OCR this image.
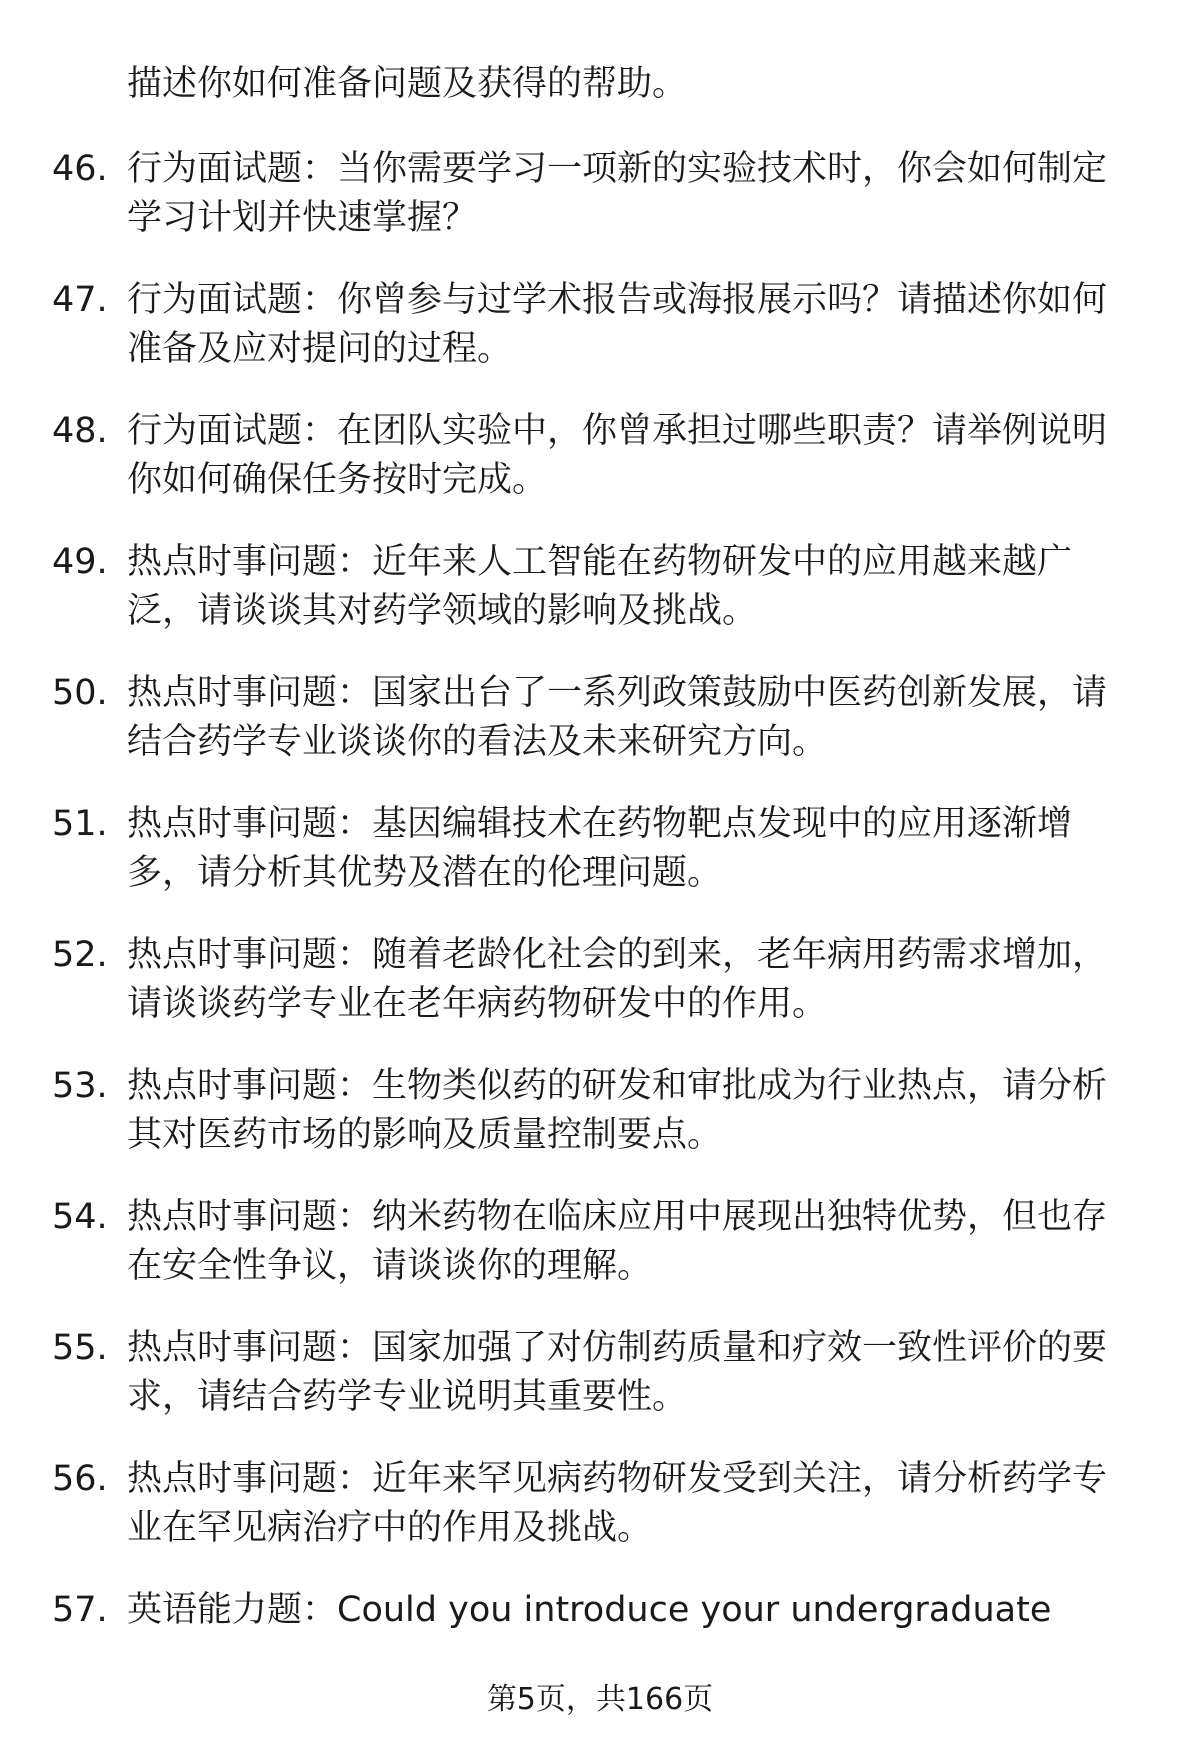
描述你如何准备问题及获得的帮助。
46. 行为面试题：当你需要学习一项新的实验技术时，你会如何制定
学习计划并快速掌握？
47. 行为面试题：你曾参与过学术报告或海报展示吗？请描述你如何
准备及应对提问的过程。
48. 行为面试题：在团队实验中，你曾承担过哪些职责？请举例说明
你如何确保任务按时完成。
49. 热点时事问题：近年来人工智能在药物研发中的应用越来越广
泛，请谈谈其对药学领域的影响及挑战。
50. 热点时事问题：国家出台了一系列政策鼓励中医药创新发展，请
结合药学专业谈谈你的看法及未来研究方向。
51. 热点时事问题：基因编辑技术在药物靶点发现中的应用逐渐增
多，请分析其优势及潜在的伦理问题。
52. 热点时事问题：随着老龄化社会的到来，老年病用药需求增加，
请谈谈药学专业在老年病药物研发中的作用。
53. 热点时事问题：生物类似药的研发和审批成为行业热点，请分析
其对医药市场的影响及质量控制要点。
54. 热点时事问题：纳米药物在临床应用中展现出独特优势，但也存
在安全性争议，请谈谈你的理解。
55. 热点时事问题：国家加强了对仿制药质量和疗效一致性评价的要
求，请结合药学专业说明其重要性。
56. 热点时事问题：近年来罕见病药物研发受到关注，请分析药学专
业在罕见病治疗中的作用及挑战。
57. 英语能力题：Could you introduce your undergraduate
第5页，共166页
